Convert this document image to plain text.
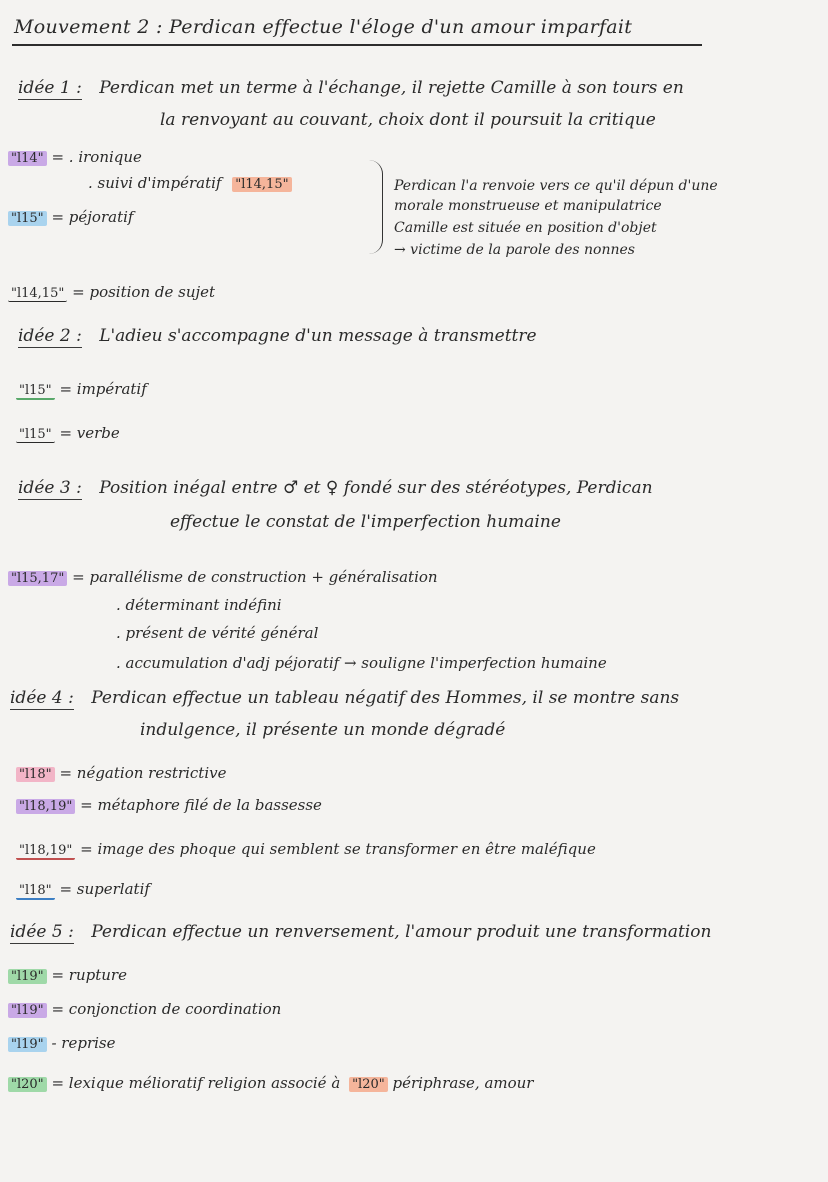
Mouvement 2 : Perdican effectue l'éloge d'un amour imparfait
idée 1 : Perdican met un terme à l'échange, il rejette Camille à son tours en
la renvoyant au couvant, choix dont il poursuit la critique
"l14" = . ironique
. suivi d'impératif "l14,15"
"l15" = péjoratif
Perdican l'a renvoie vers ce qu'il dépun d'une
morale monstrueuse et manipulatrice
Camille est située en position d'objet
→ victime de la parole des nonnes
"l14,15" = position de sujet
idée 2 : L'adieu s'accompagne d'un message à transmettre
"l15" = impératif
"l15" = verbe
idée 3 : Position inégal entre ♂ et ♀ fondé sur des stéréotypes, Perdican
effectue le constat de l'imperfection humaine
"l15,17" = parallélisme de construction + généralisation
. déterminant indéfini
. présent de vérité général
. accumulation d'adj péjoratif → souligne l'imperfection humaine
idée 4 : Perdican effectue un tableau négatif des Hommes, il se montre sans
indulgence, il présente un monde dégradé
"l18" = négation restrictive
"l18,19" = métaphore filé de la bassesse
"l18,19" = image des phoque qui semblent se transformer en être maléfique
"l18" = superlatif
idée 5 : Perdican effectue un renversement, l'amour produit une transformation
"l19" = rupture
"l19" = conjonction de coordination
"l19" - reprise
"l20" = lexique mélioratif religion associé à "l20" périphrase, amour
